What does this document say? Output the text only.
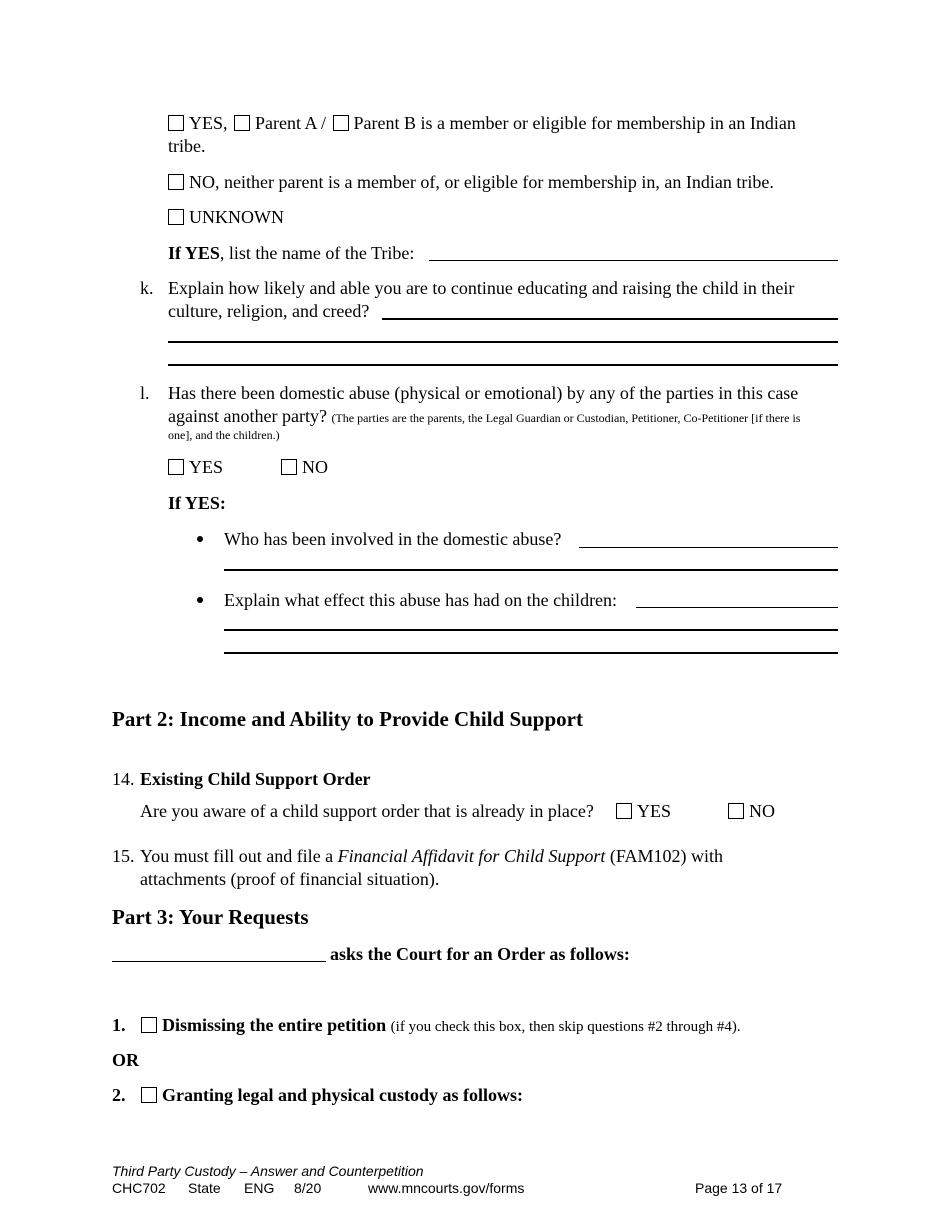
YES, Parent A / Parent B is a member or eligible for membership in an Indian
tribe.
NO, neither parent is a member of, or eligible for membership in, an Indian tribe.
UNKNOWN
If YES, list the name of the Tribe:
k. Explain how likely and able you are to continue educating and raising the child in their
culture, religion, and creed?
l. Has there been domestic abuse (physical or emotional) by any of the parties in this case
against another party? (The parties are the parents, the Legal Guardian or Custodian, Petitioner, Co-Petitioner [if there is
one], and the children.)
YES	NO
If YES:
Who has been involved in the domestic abuse?
Explain what effect this abuse has had on the children:
Part 2: Income and Ability to Provide Child Support
14. Existing Child Support Order
Are you aware of a child support order that is already in place?	YES	NO
15. You must fill out and file a Financial Affidavit for Child Support (FAM102) with
attachments (proof of financial situation).
Part 3: Your Requests
asks the Court for an Order as follows:
1.	Dismissing the entire petition (if you check this box, then skip questions #2 through #4).
OR
2.	Granting legal and physical custody as follows:
Third Party Custody – Answer and Counterpetition
CHC702 State ENG 8/20	www.mncourts.gov/forms	Page 13 of 17
